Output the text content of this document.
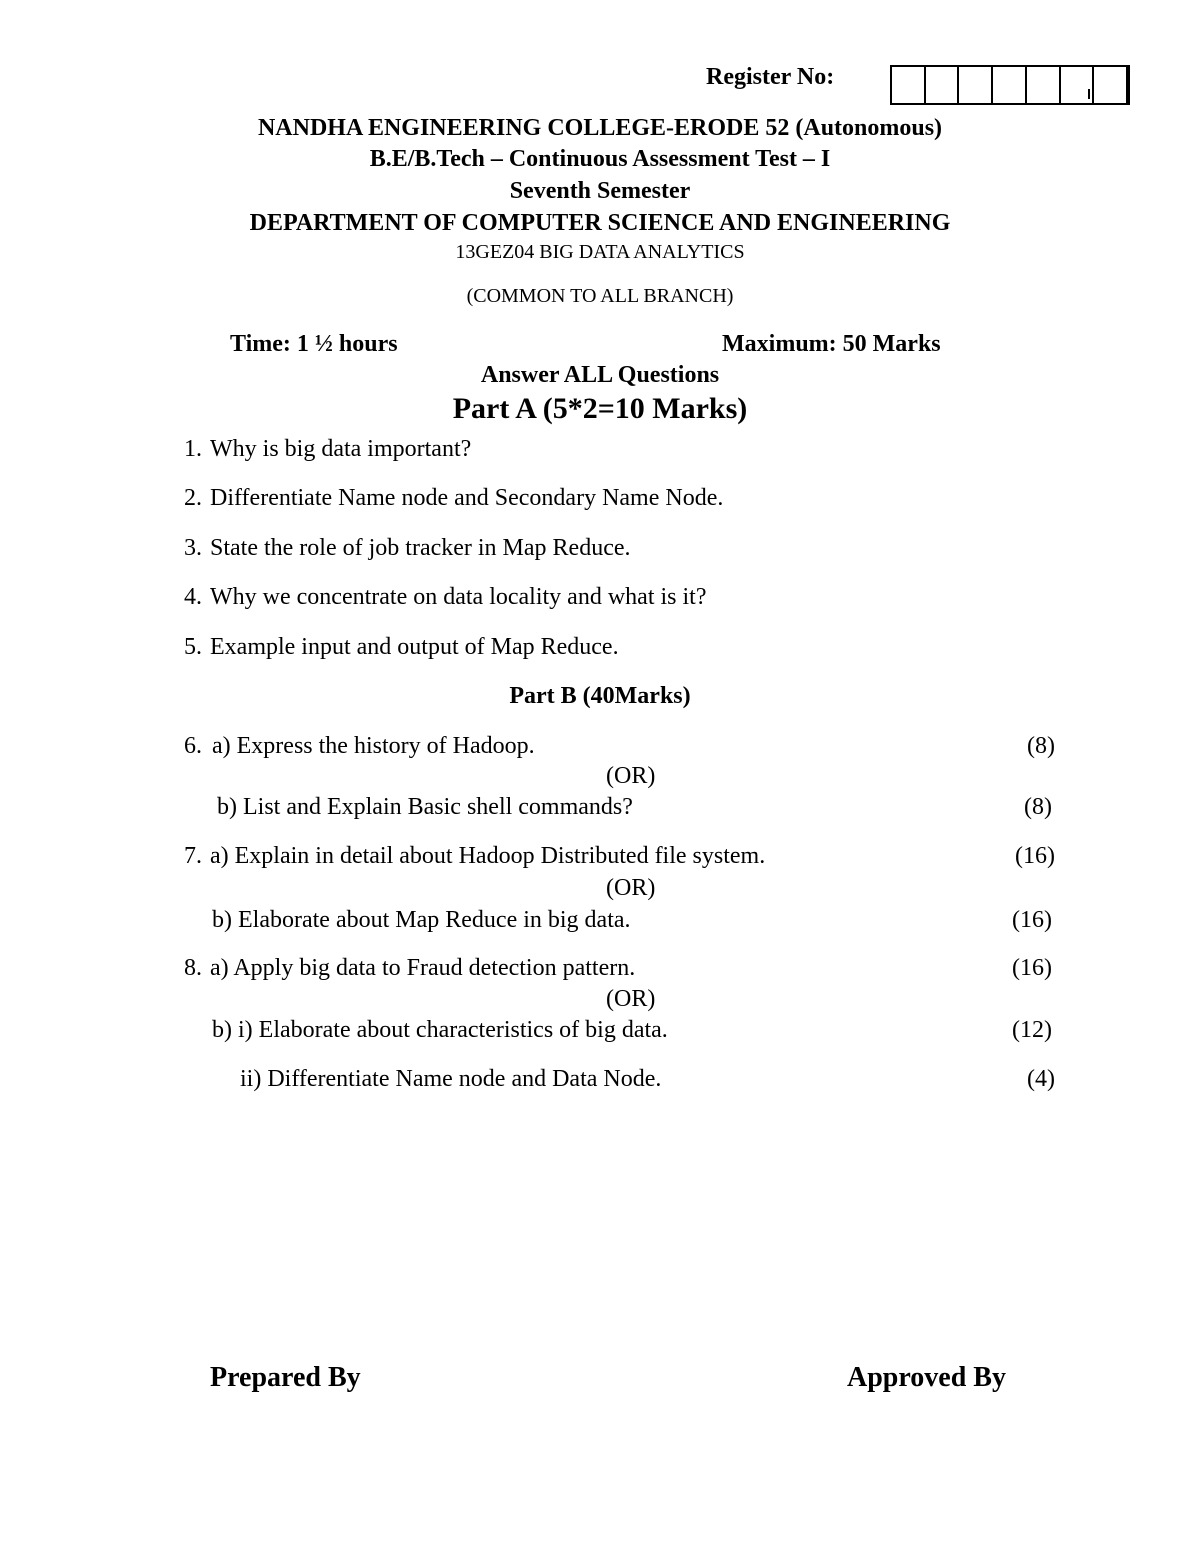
Register No:
NANDHA ENGINEERING COLLEGE-ERODE 52 (Autonomous)
B.E/B.Tech – Continuous Assessment Test – I
Seventh Semester
DEPARTMENT OF COMPUTER SCIENCE AND ENGINEERING
13GEZ04 BIG DATA ANALYTICS
(COMMON TO ALL BRANCH)
Time: 1 ½ hours	Maximum: 50 Marks
Answer ALL Questions
Part A (5*2=10 Marks)
1. Why is big data important?
2. Differentiate Name node and Secondary Name Node.
3. State the role of job tracker in Map Reduce.
4. Why we concentrate on data locality and what is it?
5. Example input and output of Map Reduce.
Part B (40Marks)
6. a) Express the history of Hadoop.	(8)
(OR)
b) List and Explain Basic shell commands?	(8)
7. a) Explain in detail about Hadoop Distributed file system.	(16)
(OR)
b) Elaborate about Map Reduce in big data.	(16)
8. a) Apply big data to Fraud detection pattern.	(16)
(OR)
b) i) Elaborate about characteristics of big data.	(12)
ii) Differentiate Name node and Data Node.	(4)
Prepared By	Approved By
